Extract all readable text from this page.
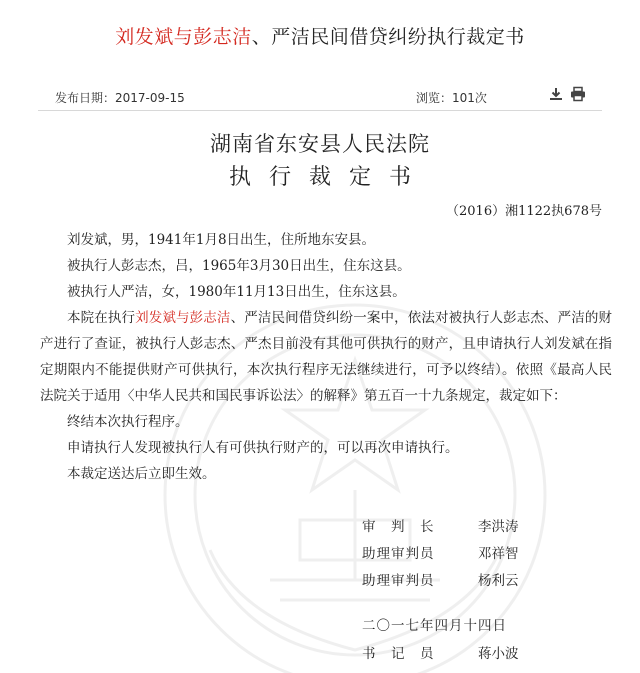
刘发斌与彭志洁、严洁民间借贷纠纷执行裁定书
发布日期：2017-09-15	浏览：101次
湖南省东安县人民法院
执行裁定书
（2016）湘1122执678号

刘发斌，男，1941年1月8日出生，住所地东安县。

被执行人彭志杰，吕，1965年3月30日出生，住东这县。

被执行人严洁，女，1980年11月13日出生，住东这县。

本院在执行刘发斌与彭志洁、严洁民间借贷纠纷一案中，依法对被执行人彭志杰、严洁的财产进行了查证，被执行人彭志杰、严杰目前没有其他可供执行的财产，且申请执行人刘发斌在指定期限内不能提供财产可供执行，本次执行程序无法继续进行，可予以终结）。依照《最高人民法院关于适用〈中华人民共和国民事诉讼法〉的解释》第五百一十九条规定，裁定如下：

终结本次执行程序。

申请执行人发现被执行人有可供执行财产的，可以再次申请执行。

本裁定送达后立即生效。

审　判　长	李洪涛
助理审判员	邓祥智
助理审判员	杨利云
二〇一七年四月十四日
书　记　员	蒋小波
